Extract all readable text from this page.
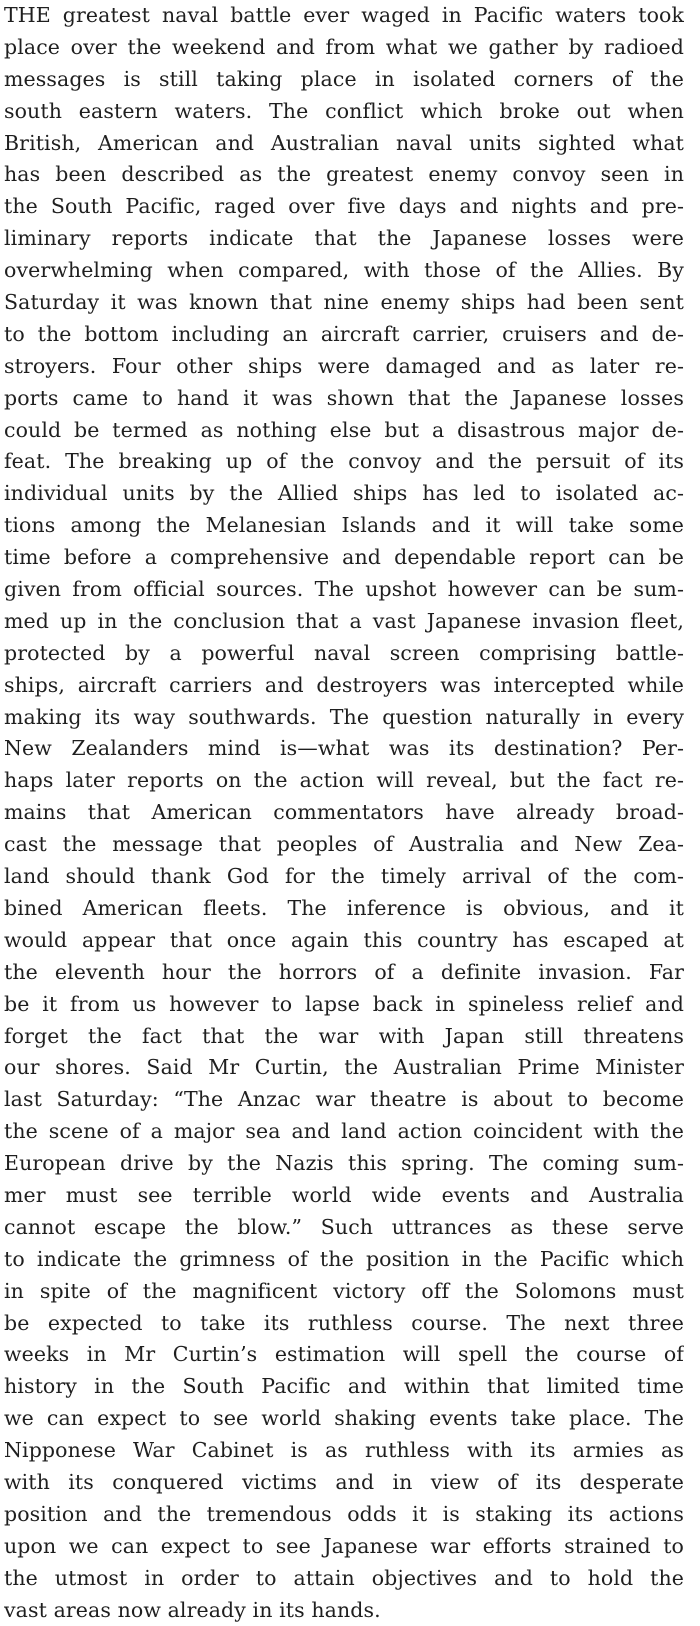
THE greatest naval battle ever waged in Pacific waters took
place over the weekend and from what we gather by radioed
messages is still taking place in isolated corners of the
south eastern waters. The conflict which broke out when
British, American and Australian naval units sighted what
has been described as the greatest enemy convoy seen in
the South Pacific, raged over five days and nights and pre-
liminary reports indicate that the Japanese losses were
overwhelming when compared, with those of the Allies. By
Saturday it was known that nine enemy ships had been sent
to the bottom including an aircraft carrier, cruisers and de-
stroyers. Four other ships were damaged and as later re-
ports came to hand it was shown that the Japanese losses
could be termed as nothing else but a disastrous major de-
feat. The breaking up of the convoy and the persuit of its
individual units by the Allied ships has led to isolated ac-
tions among the Melanesian Islands and it will take some
time before a comprehensive and dependable report can be
given from official sources. The upshot however can be sum-
med up in the conclusion that a vast Japanese invasion fleet,
protected by a powerful naval screen comprising battle-
ships, aircraft carriers and destroyers was intercepted while
making its way southwards. The question naturally in every
New Zealanders mind is—what was its destination? Per-
haps later reports on the action will reveal, but the fact re-
mains that American commentators have already broad-
cast the message that peoples of Australia and New Zea-
land should thank God for the timely arrival of the com-
bined American fleets. The inference is obvious, and it
would appear that once again this country has escaped at
the eleventh hour the horrors of a definite invasion. Far
be it from us however to lapse back in spineless relief and
forget the fact that the war with Japan still threatens
our shores. Said Mr Curtin, the Australian Prime Minister
last Saturday: “The Anzac war theatre is about to become
the scene of a major sea and land action coincident with the
European drive by the Nazis this spring. The coming sum-
mer must see terrible world wide events and Australia
cannot escape the blow.” Such uttrances as these serve
to indicate the grimness of the position in the Pacific which
in spite of the magnificent victory off the Solomons must
be expected to take its ruthless course. The next three
weeks in Mr Curtin’s estimation will spell the course of
history in the South Pacific and within that limited time
we can expect to see world shaking events take place. The
Nipponese War Cabinet is as ruthless with its armies as
with its conquered victims and in view of its desperate
position and the tremendous odds it is staking its actions
upon we can expect to see Japanese war efforts strained to
the utmost in order to attain objectives and to hold the
vast areas now already in its hands.
